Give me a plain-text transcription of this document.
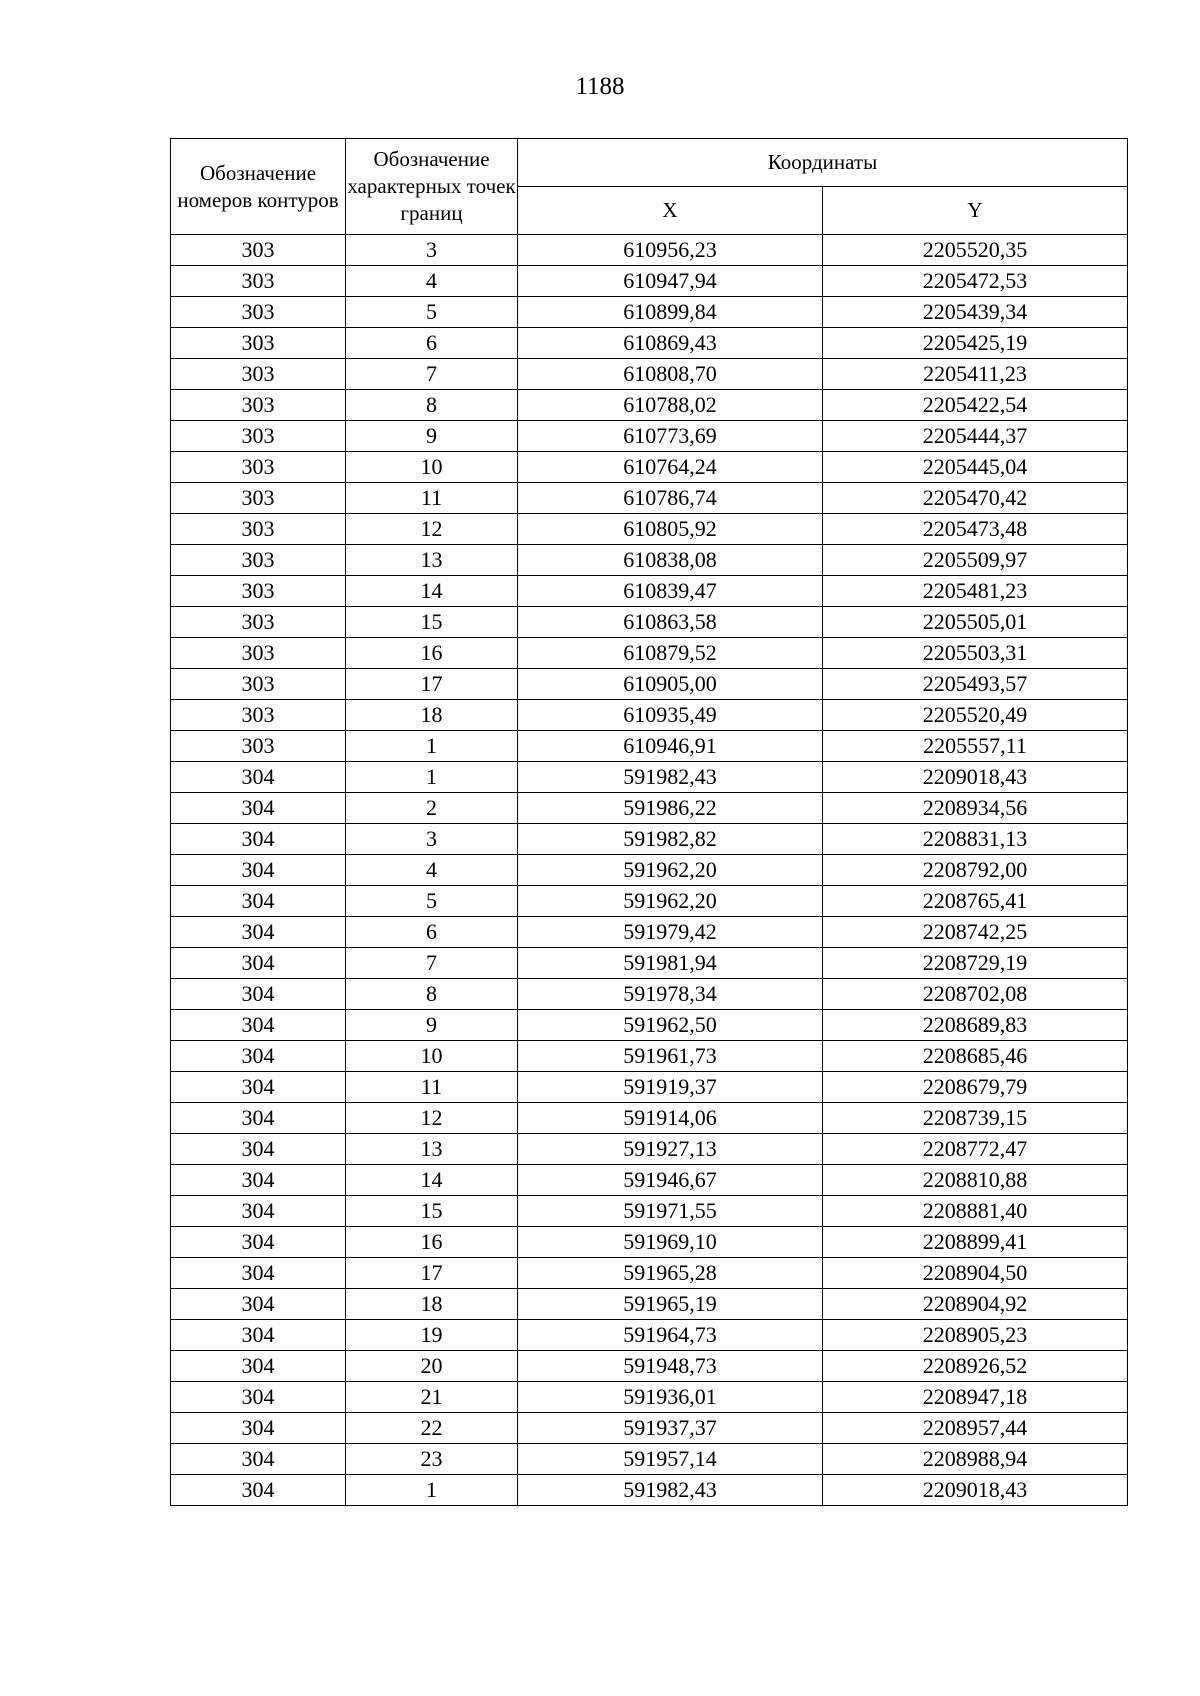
1188
Обозначение номеров контуров	Обозначение характерных точек границ	Координаты	
		X	Y
303	3	610956,23	2205520,35
303	4	610947,94	2205472,53
303	5	610899,84	2205439,34
303	6	610869,43	2205425,19
303	7	610808,70	2205411,23
303	8	610788,02	2205422,54
303	9	610773,69	2205444,37
303	10	610764,24	2205445,04
303	11	610786,74	2205470,42
303	12	610805,92	2205473,48
303	13	610838,08	2205509,97
303	14	610839,47	2205481,23
303	15	610863,58	2205505,01
303	16	610879,52	2205503,31
303	17	610905,00	2205493,57
303	18	610935,49	2205520,49
303	1	610946,91	2205557,11
304	1	591982,43	2209018,43
304	2	591986,22	2208934,56
304	3	591982,82	2208831,13
304	4	591962,20	2208792,00
304	5	591962,20	2208765,41
304	6	591979,42	2208742,25
304	7	591981,94	2208729,19
304	8	591978,34	2208702,08
304	9	591962,50	2208689,83
304	10	591961,73	2208685,46
304	11	591919,37	2208679,79
304	12	591914,06	2208739,15
304	13	591927,13	2208772,47
304	14	591946,67	2208810,88
304	15	591971,55	2208881,40
304	16	591969,10	2208899,41
304	17	591965,28	2208904,50
304	18	591965,19	2208904,92
304	19	591964,73	2208905,23
304	20	591948,73	2208926,52
304	21	591936,01	2208947,18
304	22	591937,37	2208957,44
304	23	591957,14	2208988,94
304	1	591982,43	2209018,43
